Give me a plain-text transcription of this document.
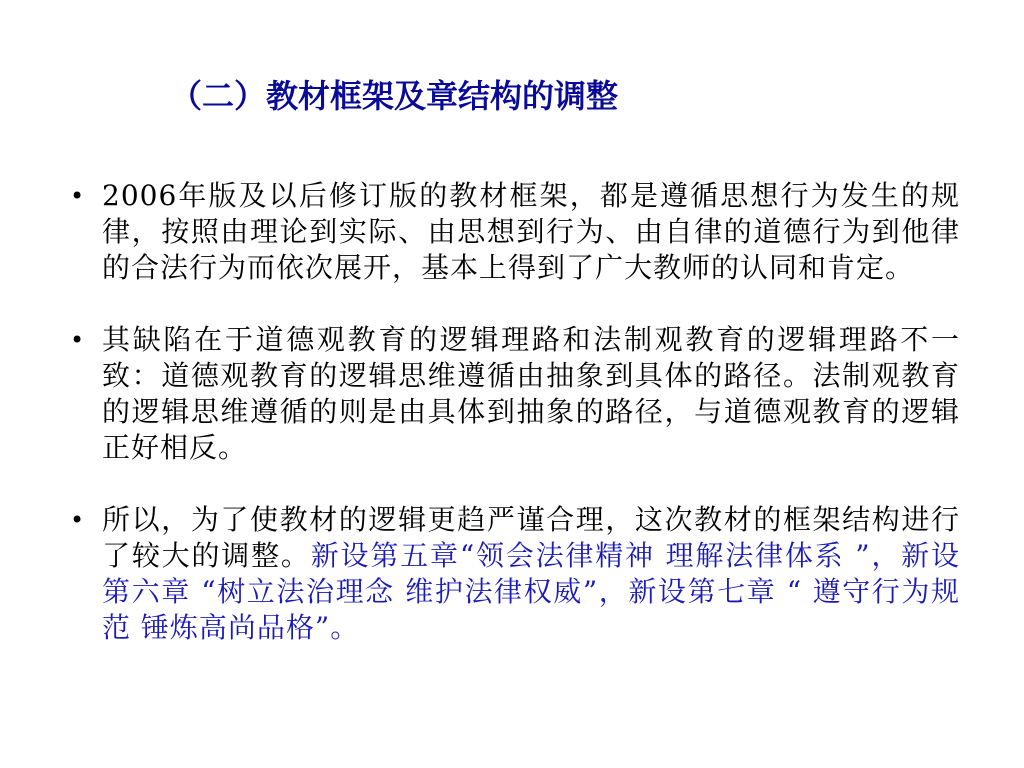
（二）教材框架及章结构的调整
• 2006年版及以后修订版的教材框架，都是遵循思想行为发生的规律，按照由理论到实际、由思想到行为、由自律的道德行为到他律的合法行为而依次展开，基本上得到了广大教师的认同和肯定。
• 其缺陷在于道德观教育的逻辑理路和法制观教育的逻辑理路不一致：道德观教育的逻辑思维遵循由抽象到具体的路径。法制观教育的逻辑思维遵循的则是由具体到抽象的路径，与道德观教育的逻辑正好相反。
• 所以，为了使教材的逻辑更趋严谨合理，这次教材的框架结构进行了较大的调整。新设第五章“领会法律精神 理解法律体系 ”，新设第六章 “树立法治理念 维护法律权威”，新设第七章 “ 遵守行为规范 锤炼高尚品格”。
